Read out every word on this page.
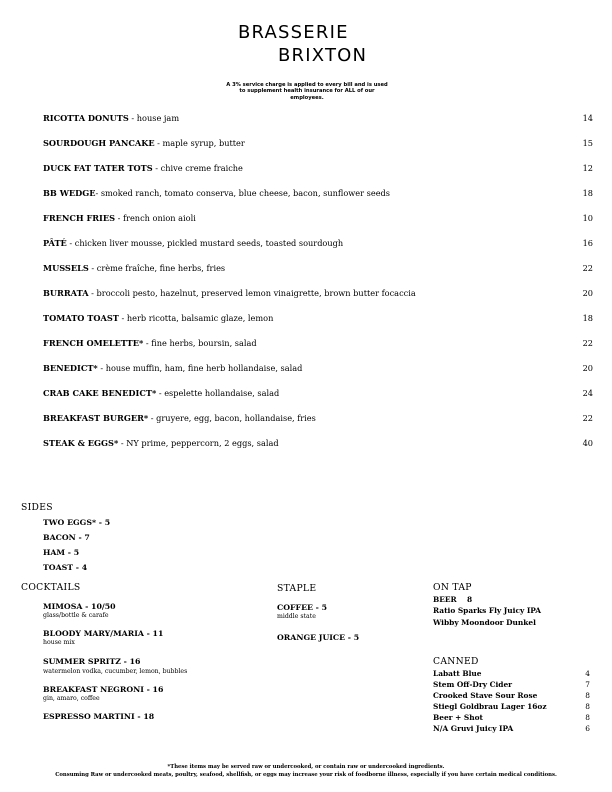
BRASSERIE
BRIXTON
A 3% service charge is applied to every bill and is used to supplement health insurance for ALL of our employees.
RICOTTA DONUTS - house jam	14
SOURDOUGH PANCAKE - maple syrup, butter	15
DUCK FAT TATER TOTS - chive creme fraiche	12
BB WEDGE- smoked ranch, tomato conserva, blue cheese, bacon, sunflower seeds	18
FRENCH FRIES - french onion aioli	10
PÂTÉ - chicken liver mousse, pickled mustard seeds, toasted sourdough	16
MUSSELS - crème fraîche, fine herbs, fries	22
BURRATA - broccoli pesto, hazelnut, preserved lemon vinaigrette, brown butter focaccia	20
TOMATO TOAST - herb ricotta, balsamic glaze, lemon	18
FRENCH OMELETTE* - fine herbs, boursin, salad	22
BENEDICT* - house muffin, ham, fine herb hollandaise, salad	20
CRAB CAKE BENEDICT* - espelette hollandaise, salad	24
BREAKFAST BURGER* - gruyere, egg, bacon, hollandaise, fries	22
STEAK & EGGS* - NY prime, peppercorn, 2 eggs, salad	40
SIDES
TWO EGGS* - 5
BACON - 7
HAM - 5
TOAST - 4
COCKTAILS
MIMOSA - 10/50
glass/bottle & carafe
BLOODY MARY/MARIA - 11
house mix
SUMMER SPRITZ - 16
watermelon vodka, cucumber, lemon, bubbles
BREAKFAST NEGRONI - 16
gin, amaro, coffee
ESPRESSO MARTINI - 18
STAPLE
COFFEE - 5
middle state
ORANGE JUICE - 5
ON TAP
BEER    8
Ratio Sparks Fly Juicy IPA
Wibby Moondoor Dunkel
CANNED
Labatt Blue	4
Stem Off-Dry Cider	7
Crooked Stave Sour Rose	8
Stiegl Goldbrau Lager 16oz	8
Beer + Shot	8
N/A Gruvi Juicy IPA	6
*These items may be served raw or undercooked, or contain raw or undercooked ingredients.
Consuming Raw or undercooked meats, poultry, seafood, shellfish, or eggs may increase your risk of foodborne illness, especially if you have certain medical conditions.
